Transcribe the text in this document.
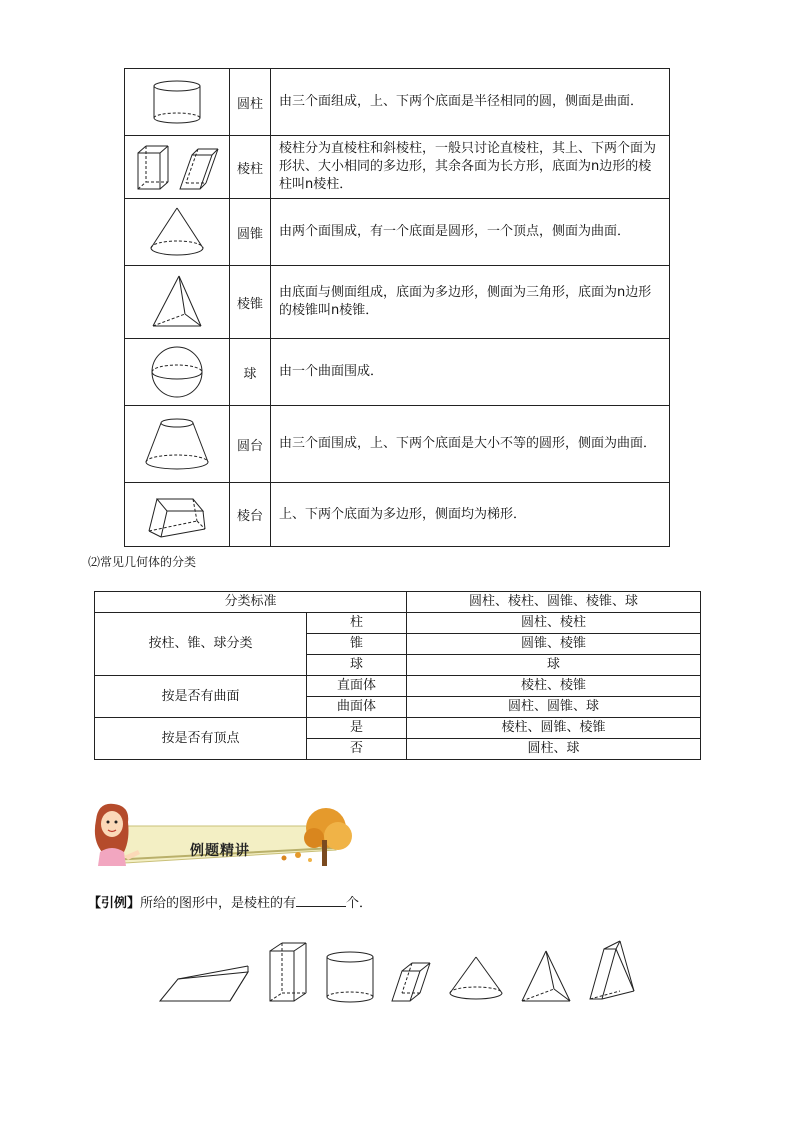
	圆柱	由三个面组成，上、下两个底面是半径相同的圆，侧面是曲面．

	棱柱	棱柱分为直棱柱和斜棱柱，一般只讨论直棱柱，其上、下两个面为形状、大小相同的多边形，其余各面为长方形，底面为n边形的棱柱叫n棱柱．

	圆锥	由两个面围成，有一个底面是圆形，一个顶点，侧面为曲面．

	棱锥	由底面与侧面组成，底面为多边形，侧面为三角形，底面为n边形的棱锥叫n棱锥．

	球	由一个曲面围成．

	圆台	由三个面围成，上、下两个底面是大小不等的圆形，侧面为曲面．

	棱台	上、下两个底面为多边形，侧面均为梯形．
⑵常见几何体的分类
分类标准		圆柱、棱柱、圆锥、棱锥、球
按柱、锥、球分类	柱	圆柱、棱柱
	锥	圆锥、棱锥
	球	球
按是否有曲面	直面体	棱柱、棱锥
	曲面体	圆柱、圆锥、球
按是否有顶点	是	棱柱、圆锥、棱锥
	否	圆柱、球
例题精讲
【引例】所给的图形中，是棱柱的有	个．
